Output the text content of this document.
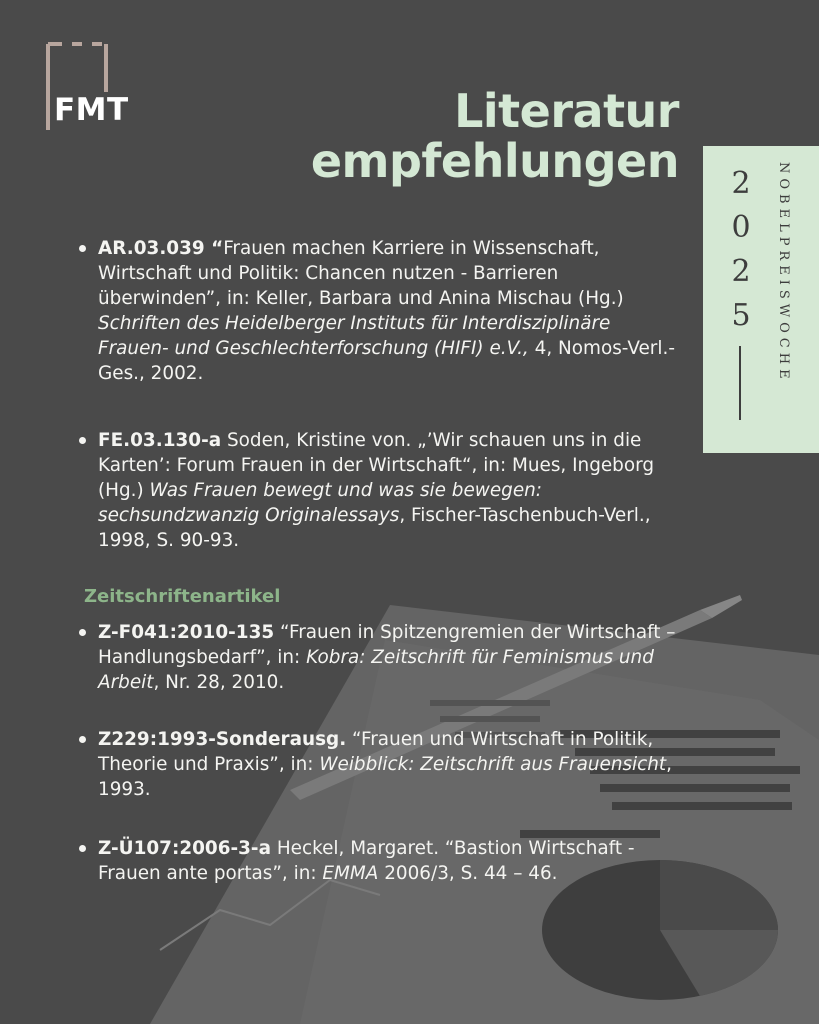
FMT	Literatur
empfehlungen	2
0
2
5	NOBELPREISWOCHE
AR.03.039 “Frauen machen Karriere in Wissenschaft, Wirtschaft und Politik: Chancen nutzen - Barrieren überwinden”, in: Keller, Barbara und Anina Mischau (Hg.) Schriften des Heidelberger Instituts für Interdisziplinäre Frauen- und Geschlechterforschung (HIFI) e.V., 4, Nomos-Verl.-Ges., 2002.
FE.03.130-a Soden, Kristine von. „’Wir schauen uns in die Karten’: Forum Frauen in der Wirtschaft“, in: Mues, Ingeborg (Hg.) Was Frauen bewegt und was sie bewegen: sechsundzwanzig Originalessays, Fischer-Taschenbuch-Verl., 1998, S. 90-93.
Zeitschriftenartikel
Z-F041:2010-135 “Frauen in Spitzengremien der Wirtschaft – Handlungsbedarf”, in: Kobra: Zeitschrift für Feminismus und Arbeit, Nr. 28, 2010.
Z229:1993-Sonderausg. “Frauen und Wirtschaft in Politik, Theorie und Praxis”, in: Weibblick: Zeitschrift aus Frauensicht, 1993.
Z-Ü107:2006-3-a Heckel, Margaret. “Bastion Wirtschaft - Frauen ante portas”, in: EMMA 2006/3, S. 44 – 46.
